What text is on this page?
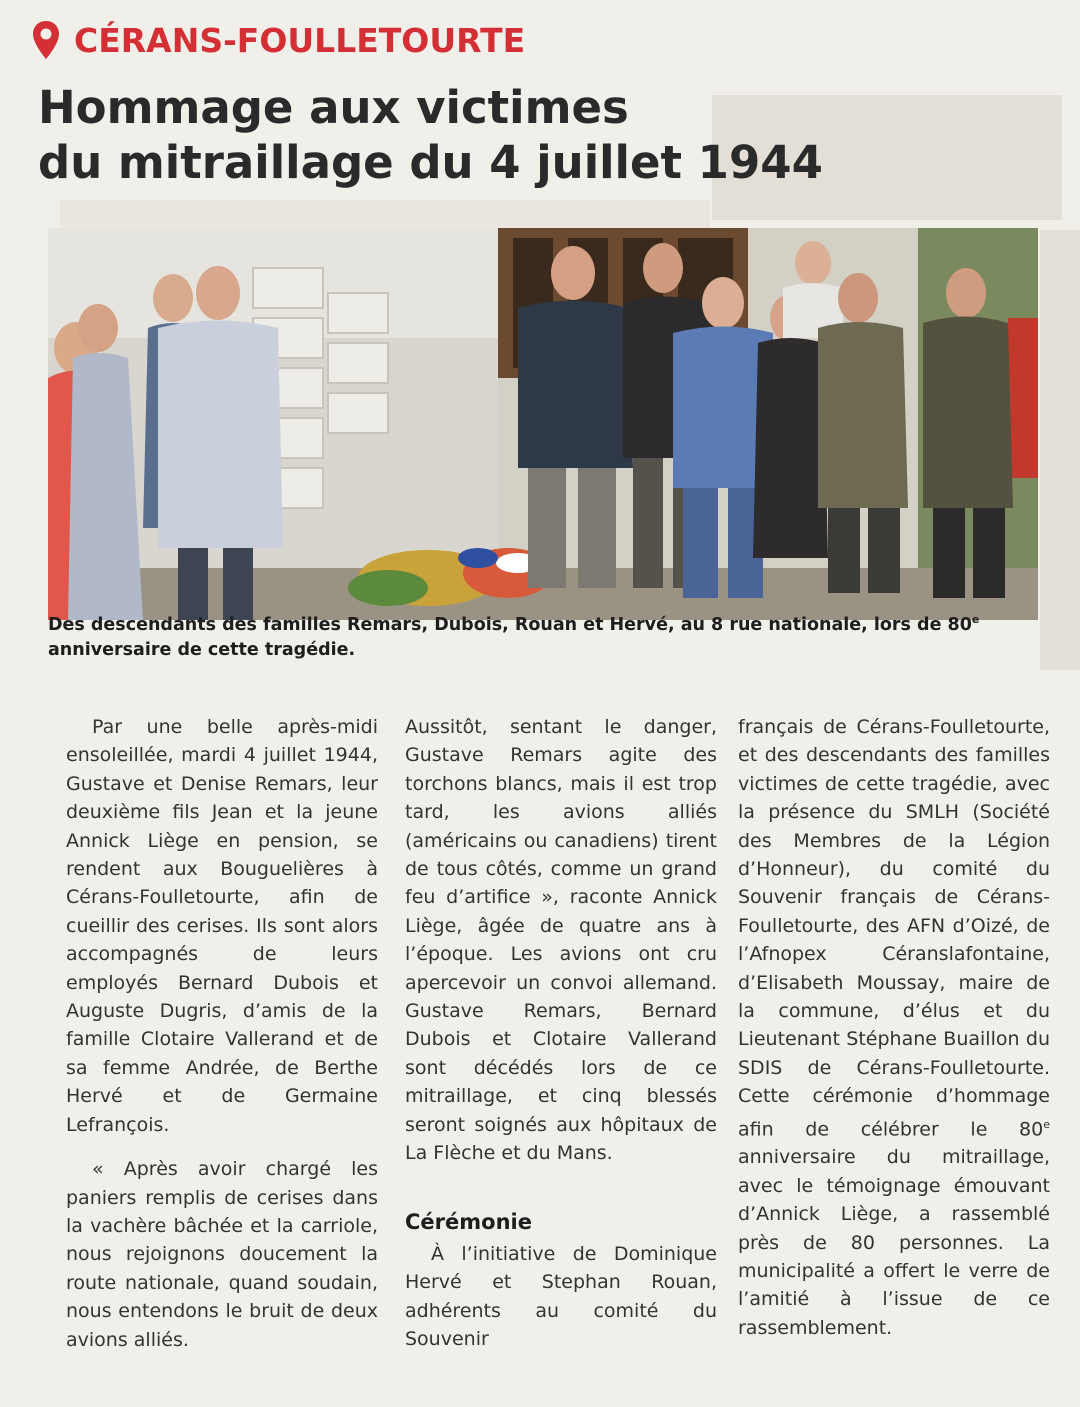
CÉRANS-FOULLETOURTE
Hommage aux victimes
du mitraillage du 4 juillet 1944
Des descendants des familles Remars, Dubois, Rouan et Hervé, au 8 rue nationale, lors de 80e anniversaire de cette tragédie.

Par une belle après-midi ensoleillée, mardi 4 juillet 1944, Gustave et Denise Remars, leur deuxième fils Jean et la jeune Annick Liège en pension, se rendent aux Bouguelières à Cérans-Foulletourte, afin de cueillir des cerises. Ils sont alors accompagnés de leurs employés Bernard Dubois et Auguste Dugris, d’amis de la famille Clotaire Vallerand et de sa femme Andrée, de Berthe Hervé et de Germaine Lefrançois.

« Après avoir chargé les paniers remplis de cerises dans la vachère bâchée et la carriole, nous rejoignons doucement la route nationale, quand soudain, nous entendons le bruit de deux avions alliés.

Aussitôt, sentant le danger, Gustave Remars agite des torchons blancs, mais il est trop tard, les avions alliés (américains ou canadiens) tirent de tous côtés, comme un grand feu d’artifice », raconte Annick Liège, âgée de quatre ans à l’époque. Les avions ont cru apercevoir un convoi allemand. Gustave Remars, Bernard Dubois et Clotaire Vallerand sont décédés lors de ce mitraillage, et cinq blessés seront soignés aux hôpitaux de La Flèche et du Mans.

Cérémonie

À l’initiative de Dominique Hervé et Stephan Rouan, adhérents au comité du Souvenir

français de Cérans-Foulletourte, et des descendants des familles victimes de cette tragédie, avec la présence du SMLH (Société des Membres de la Légion d’Honneur), du comité du Souvenir français de Cérans-Foulletourte, des AFN d’Oizé, de l’Afnopex Céranslafontaine, d’Elisabeth Moussay, maire de la commune, d’élus et du Lieutenant Stéphane Buaillon du SDIS de Cérans-Foulletourte. Cette cérémonie d’hommage afin de célébrer le 80e anniversaire du mitraillage, avec le témoignage émouvant d’Annick Liège, a rassemblé près de 80 personnes. La municipalité a offert le verre de l’amitié à l’issue de ce rassemblement.
